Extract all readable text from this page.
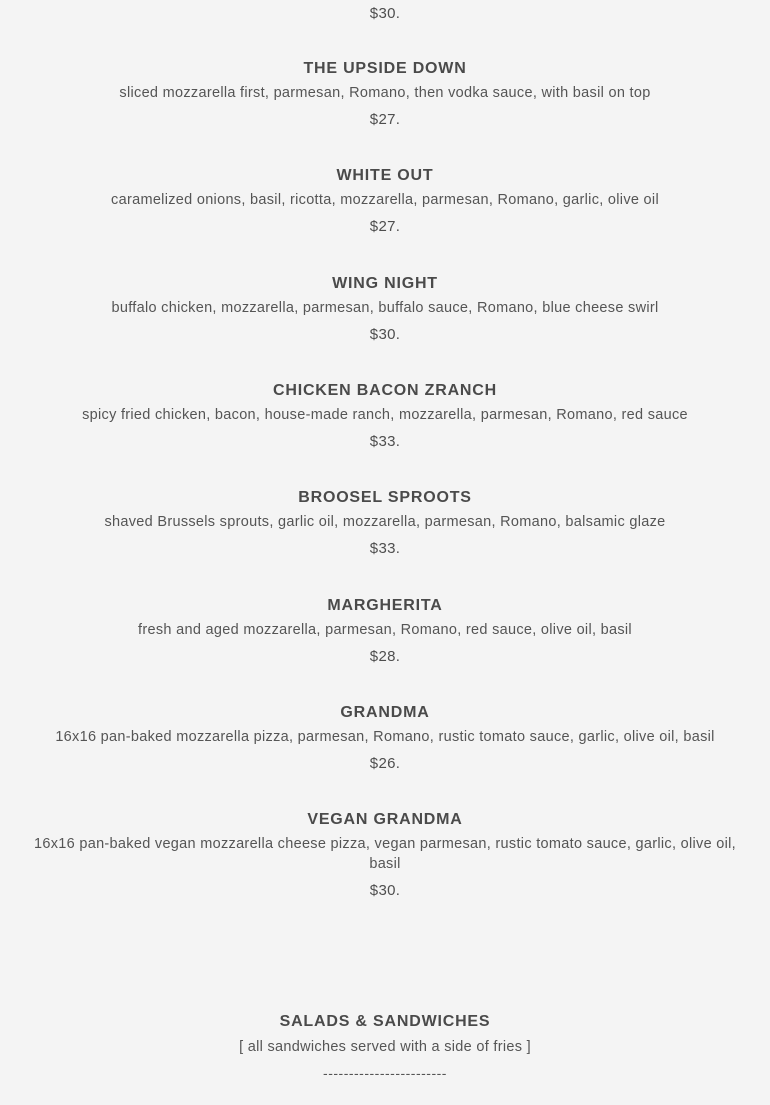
$30.

THE UPSIDE DOWN

sliced mozzarella first, parmesan, Romano, then vodka sauce, with basil on top

$27.

WHITE OUT

caramelized onions, basil, ricotta, mozzarella, parmesan, Romano, garlic, olive oil

$27.

WING NIGHT

buffalo chicken, mozzarella, parmesan, buffalo sauce, Romano, blue cheese swirl

$30.

CHICKEN BACON ZRANCH

spicy fried chicken, bacon, house-made ranch, mozzarella, parmesan, Romano, red sauce

$33.

BROOSEL SPROOTS

shaved Brussels sprouts, garlic oil, mozzarella, parmesan, Romano, balsamic glaze

$33.

MARGHERITA

fresh and aged mozzarella, parmesan, Romano, red sauce, olive oil, basil

$28.

GRANDMA

16x16 pan-baked mozzarella pizza, parmesan, Romano, rustic tomato sauce, garlic, olive oil, basil

$26.

VEGAN GRANDMA

16x16 pan-baked vegan mozzarella cheese pizza, vegan parmesan, rustic tomato sauce, garlic, olive oil, basil

$30.

SALADS & SANDWICHES

[ all sandwiches served with a side of fries ]

------------------------
